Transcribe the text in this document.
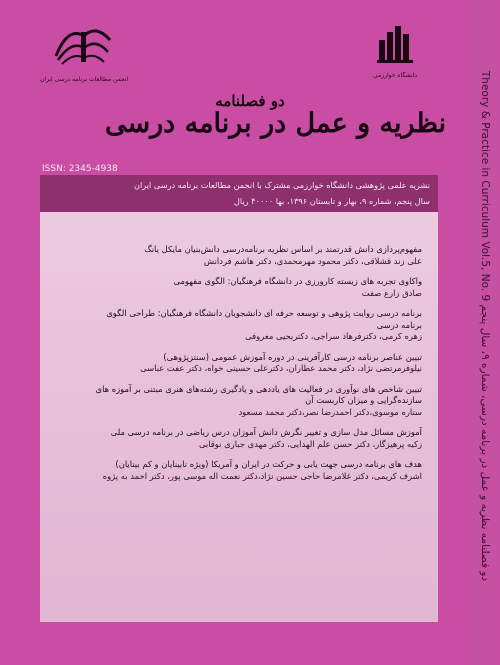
Theory & Practice in Curriculum Vol.5, No. 9 دو فصلنامه نظریه و عمل در برنامه درسی، شماره ۹، سال پنجم
انجمن مطالعات برنامه درسی ایران
دانشگاه خوارزمی
دو فصلنامه
نظریه و عمل در برنامه درسی
ISSN: 2345-4938
نشریه علمی پژوهشی دانشگاه خوارزمی مشترک با انجمن مطالعات برنامه درسی ایران
سال پنجم، شماره ۹، بهار و تابستان ۱۳۹۶، بها ۴۰۰۰۰ ریال
مفهوم‌پردازی دانش قدرتمند بر اساس نظریه برنامه‌درسی دانش‌بنیان مایکل یانگ
علی زند قشلاقی، دکتر محمود مهرمحمدی، دکتر هاشم فردانش
واکاوی تجربه های زیسته کارورزی در دانشگاه فرهنگیان: الگوی مفهومی
صادق زارع صفت
برنامه درسی روایت پژوهی و توسعه حرفه ای دانشجویان دانشگاه فرهنگیان: طراحی الگوی
برنامه درسی
زهره کرمی، دکترفرهاد سراجی، دکتریحیی معروفی
تبیین عناصر برنامه درسی کارآفرینی در دوره آموزش عمومی (سنتزپژوهی)
نیلوفرمرتضی نژاد، دکتر محمد عطاران، دکترعلی حسینی خواه، دکتر عفت عباسی
تبیین شاخص های نوآوری در فعالیت های یاددهی و یادگیری رشته‌های هنری مبتنی بر آموزه های
سازنده‌گرایی و میزان کاربست آن
ستاره موسوی،دکتر احمدرضا نصر،دکتر محمد مسعود
آموزش مسائل مدل سازی و تغییر نگرش دانش آموزان درس ریاضی در برنامه درسی ملی
زکیه پرهیزگار، دکتر حسن علم الهدایی، دکتر مهدی جباری نوقابی
هدف های برنامه درسی جهت یابی و حرکت در ایران و آمریکا (ویژه نابینایان و کم بینایان)
اشرف کریمی، دکتر غلامرضا حاجی حسین نژاد،دکتر نعمت اله موسی پور، دکتر احمد به پژوه
